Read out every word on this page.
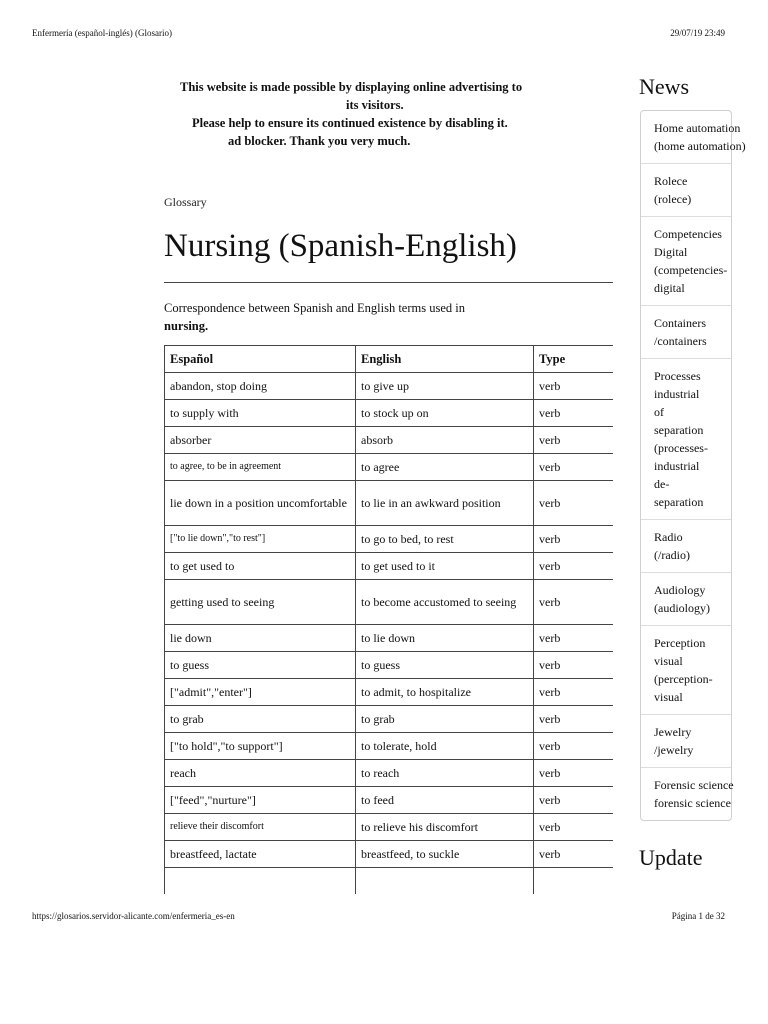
Enfermería (español-inglés) (Glosario)	29/07/19 23:49
This website is made possible by displaying online advertising to
its visitors.
Please help to ensure its continued existence by disabling it.
ad blocker. Thank you very much.
Glossary
Nursing (Spanish-English)
Correspondence between Spanish and English terms used in nursing.
Español	English	Type
abandon, stop doing	to give up	verb
to supply with	to stock up on	verb
absorber	absorb	verb
to agree, to be in agreement	to agree	verb
lie down in a position uncomfortable	to lie in an awkward position	verb
["to lie down","to rest"]	to go to bed, to rest	verb
to get used to	to get used to it	verb
getting used to seeing	to become accustomed to seeing	verb
lie down	to lie down	verb
to guess	to guess	verb
["admit","enter"]	to admit, to hospitalize	verb
to grab	to grab	verb
["to hold","to support"]	to tolerate, hold	verb
reach	to reach	verb
["feed","nurture"]	to feed	verb
relieve their discomfort	to relieve his discomfort	verb
breastfeed, lactate	breastfeed, to suckle	verb

News
Home automation
(home automation)
Rolece
(rolece)
Competencies
Digital
(competencies-
digital
Containers
/containers
Processes
industrial
of
separation
(processes-
industrial
de-
separation
Radio
(/radio)
Audiology
(audiology)
Perception
visual
(perception-
visual
Jewelry
/jewelry
Forensic science
forensic science
Update
https://glosarios.servidor-alicante.com/enfermeria_es-en	Página 1 de 32
